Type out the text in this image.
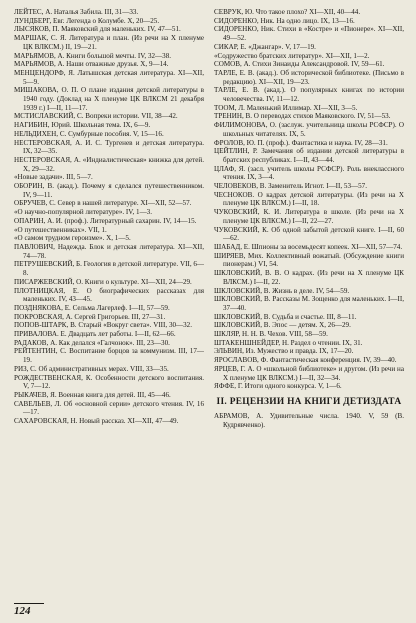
ЛЕЙТЕС, А. Наталья Забила. III, 31—33.

ЛУНДБЕРГ, Евг. Легенда о Колумбе. X, 20—25.

ЛЫСЯКОВ, П. Маяковский для маленьких. IV, 47—51.

МАРШАК, С. Я. Литература и план. (Из речи на X пленуме ЦК ВЛКСМ.) II, 19—21.

МАРЬЯМОВ, А. Книги большой мечты. IV, 32—38.

МАРЬЯМОВ, А. Наши отважные друзья. X, 9—14.

МЕНЦЕНДОРФ, Я. Латышская детская литература. XI—XII, 5—9.

МИШАКОВА, О. П. О плане издания детской литературы в 1940 году. (Доклад на X пленуме ЦК ВЛКСМ 21 декабря 1939 г.) I—II, 11—17.

МСТИСЛАВСКИЙ, С. Вопреки истории. VII, 38—42.

НАГИБИН, Юрий. Школьная тема. IX, 6—9.

НЕЛЬДИХЕН, С. Сумбурные пособия. V, 15—16.

НЕСТЕРОВСКАЯ, А. И. С. Тургенев и детская литература. IX, 32—35.

НЕСТЕРОВСКАЯ, А. «Индиалистическая» книжка для детей. X, 29—32.

«Новые задачи». III, 5—7.

ОБОРИН, В. (акад.). Почему я сделался путешественником. IV, 9—11.

ОБРУЧЕВ, С. Север в нашей литературе. XI—XII, 52—57.

«О научно-популярной литературе». IV, 1—3.

ОПАРИН, А. И. (проф.). Литературный сахарин. IV, 14—15.

«О путешественниках». VII, 1.

«О самом трудном героизме». X, 1—5.

ПАВЛОВИЧ, Надежда. Блок и детская литература. XI—XII, 74—78.

ПЕТРУШЕВСКИЙ, Б. Геология в детской литературе. VII, 6—8.

ПИСАРЖЕВСКИЙ, О. Книги о культуре. XI—XII, 24—29.

ПЛОТНИЦКАЯ, Е. О биографических рассказах для маленьких. IV, 43—45.

ПОЗДНЯКОВА, Е. Сельма Лагерлеф. I—II, 57—59.

ПОКРОВСКАЯ, А. Сергей Григорьев. III, 27—31.

ПОПОВ-ШТАРК, В. Старый «Вокруг света». VIII, 30—32.

ПРИВАЛОВА. Е. Двадцать лет работы. I—II, 62—66.

РАДАКОВ, А. Как делался «Галчонок». III, 23—30.

РЕЙТЕНТИН, С. Воспитание борцов за коммунизм. III, 17—19.

РИЗ, С. Об административных мерах. VIII, 33—35.

РОЖДЕСТВЕНСКАЯ, К. Особенности детского воспитания. V, 7—12.

РЫКАЧЕВ, Я. Военная книга для детей. III, 45—46.

САВЕЛЬЕВ, Л. Об «основной серии» детского чтения. IV, 16—17.

САХАРОВСКАЯ, Н. Новый рассказ. XI—XII, 47—49.

СЕВРУК, Ю. Что такое плохо? XI—XII, 40—44.

СИДОРЕНКО, Ник. На одно лицо. IX, 13—16.

СИДОРЕНКО, Ник. Стихи в «Костре» и «Пионере». XI—XII, 49—52.

СИКАР, Е. «Джангар». V, 17—19.

«Содружество братских литератур». XI—XII, 1—2.

СОМОВ, А. Стихи Зинаиды Александровой. IV, 59—61.

ТАРЛЕ, Е. В. (акад.). Об исторической библиотеке. (Письмо в редакцию). XI—XII, 19—23.

ТАРЛЕ, Е. В. (акад.). О популярных книгах по истории человечества. IV, 11—12.

ТООМ, Л. Маленький Иллимар. XI—XII, 3—5.

ТРЕНИН, В. О переводах стихов Маяковского. IV, 51—53.

ФИЛИМОНОВА, О. (заслуж. учительница школы РСФСР). О школьных читателях. IX, 5.

ФРОЛОВ, Ю. П. (проф.). Фантастика и наука. IV, 28—31.

ЦЕЙТЛИН, Р. Замечания об издании детской литературы в братских республиках. I—II, 43—44.

ЦЛАФ, Я. (засл. учитель школы РСФСР). Роль внеклассного чтения. IX, 3—4.

ЧЕЛОВЕКОВ, В. Заменитель Игнот. I—II, 53—57.

ЧЕСНОКОВ. О кадрах детской литературы. (Из речи на X пленуме ЦК ВЛКСМ.) I—II, 18.

ЧУКОВСКИЙ, К. И. Литература в школе. (Из речи на X пленуме ЦК ВЛКСМ.) I—II, 22—27.

ЧУКОВСКИЙ, К. Об одной забытой детской книге. I—II, 60—62.

ШАБАД, Е. Шпионы за восемьдесят копеек. XI—XII, 57—74.

ШИРЯЕВ, Мих. Коллективный вожатый. (Обсуждение книги пионерам.) VI, 54.

ШКЛОВСКИЙ, В. В. О кадрах. (Из речи на X пленуме ЦК ВЛКСМ.) I—II, 22.

ШКЛОВСКИЙ, В. Жизнь в деле. IV, 54—59.

ШКЛОВСКИЙ, В. Рассказы М. Зощенко для маленьких. I—II, 37—40.

ШКЛОВСКИЙ, В. Судьба и счастье. III, 8—11.

ШКЛОВСКИЙ, В. Эпос — детям. X, 26—29.

ШКЛЯР, Н. Н. В. Чехов. VIII, 58—59.

ШТАКЕНШНЕЙДЕР, Н. Раздел о чтении. IX, 31.

ЭЛЬВИН, Из. Мужество и правда. IX, 17—20.

ЯРОСЛАВОВ, Ф. Фантастическая конференция. IV, 39—40.

ЯРЦЕВ, Г. А. О «школьной библиотеке» и другом. (Из речи на X пленуме ЦК ВЛКСМ.) I—II, 32—34.

ЯФФЕ, Г. Итоги одного конкурса. V, 1—6.

II. РЕЦЕНЗИИ НА КНИГИ ДЕТИЗДАТА

АБРАМОВ, А. Удивительные числа. 1940. V, 59 (В. Кудрявченко).

124
